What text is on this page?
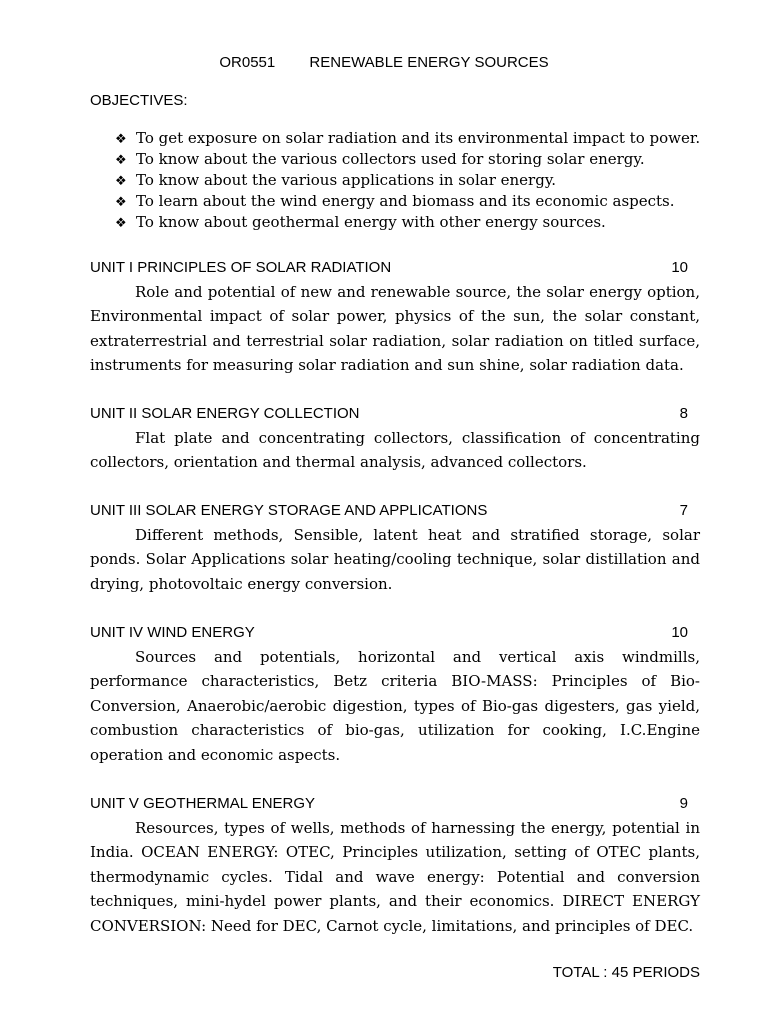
OR0551 RENEWABLE ENERGY SOURCES
OBJECTIVES:
❖ To get exposure on solar radiation and its environmental impact to power.
❖ To know about the various collectors used for storing solar energy.
❖ To know about the various applications in solar energy.
❖ To learn about the wind energy and biomass and its economic aspects.
❖ To know about geothermal energy with other energy sources.
UNIT I PRINCIPLES OF SOLAR RADIATION	10

Role and potential of new and renewable source, the solar energy option, Environmental impact of solar power, physics of the sun, the solar constant, extraterrestrial and terrestrial solar radiation, solar radiation on titled surface, instruments for measuring solar radiation and sun shine, solar radiation data.

UNIT II SOLAR ENERGY COLLECTION	8

Flat plate and concentrating collectors, classification of concentrating collectors, orientation and thermal analysis, advanced collectors.

UNIT III SOLAR ENERGY STORAGE AND APPLICATIONS	7

Different methods, Sensible, latent heat and stratified storage, solar ponds. Solar Applications solar heating/cooling technique, solar distillation and drying, photovoltaic energy conversion.

UNIT IV WIND ENERGY	10

Sources and potentials, horizontal and vertical axis windmills, performance characteristics, Betz criteria BIO-MASS: Principles of Bio-Conversion, Anaerobic/aerobic digestion, types of Bio-gas digesters, gas yield, combustion characteristics of bio-gas, utilization for cooking, I.C.Engine operation and economic aspects.

UNIT V GEOTHERMAL ENERGY	9

Resources, types of wells, methods of harnessing the energy, potential in India. OCEAN ENERGY: OTEC, Principles utilization, setting of OTEC plants, thermodynamic cycles. Tidal and wave energy: Potential and conversion techniques, mini-hydel power plants, and their economics. DIRECT ENERGY CONVERSION: Need for DEC, Carnot cycle, limitations, and principles of DEC.

TOTAL : 45 PERIODS
